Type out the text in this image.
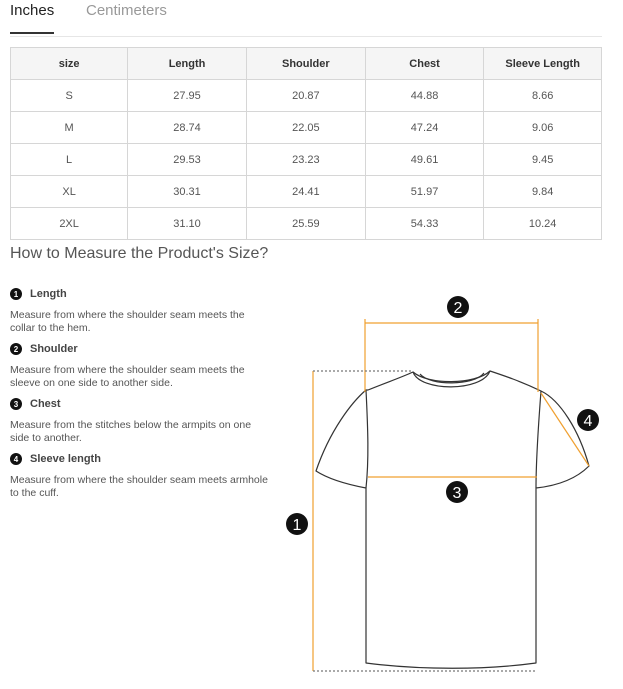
Inches Centimeters
size	Length	Shoulder	Chest	Sleeve Length
S	27.95	20.87	44.88	8.66
M	28.74	22.05	47.24	9.06
L	29.53	23.23	49.61	9.45
XL	30.31	24.41	51.97	9.84
2XL	31.10	25.59	54.33	10.24
How to Measure the Product's Size?
1	Length
Measure from where the shoulder seam meets the collar to the hem.
2	Shoulder
Measure from where the shoulder seam meets the sleeve on one side to another side.
3	Chest
Measure from the stitches below the armpits on one side to another.
4	Sleeve length
Measure from where the shoulder seam meets armhole to the cuff.
2
3
1
4
